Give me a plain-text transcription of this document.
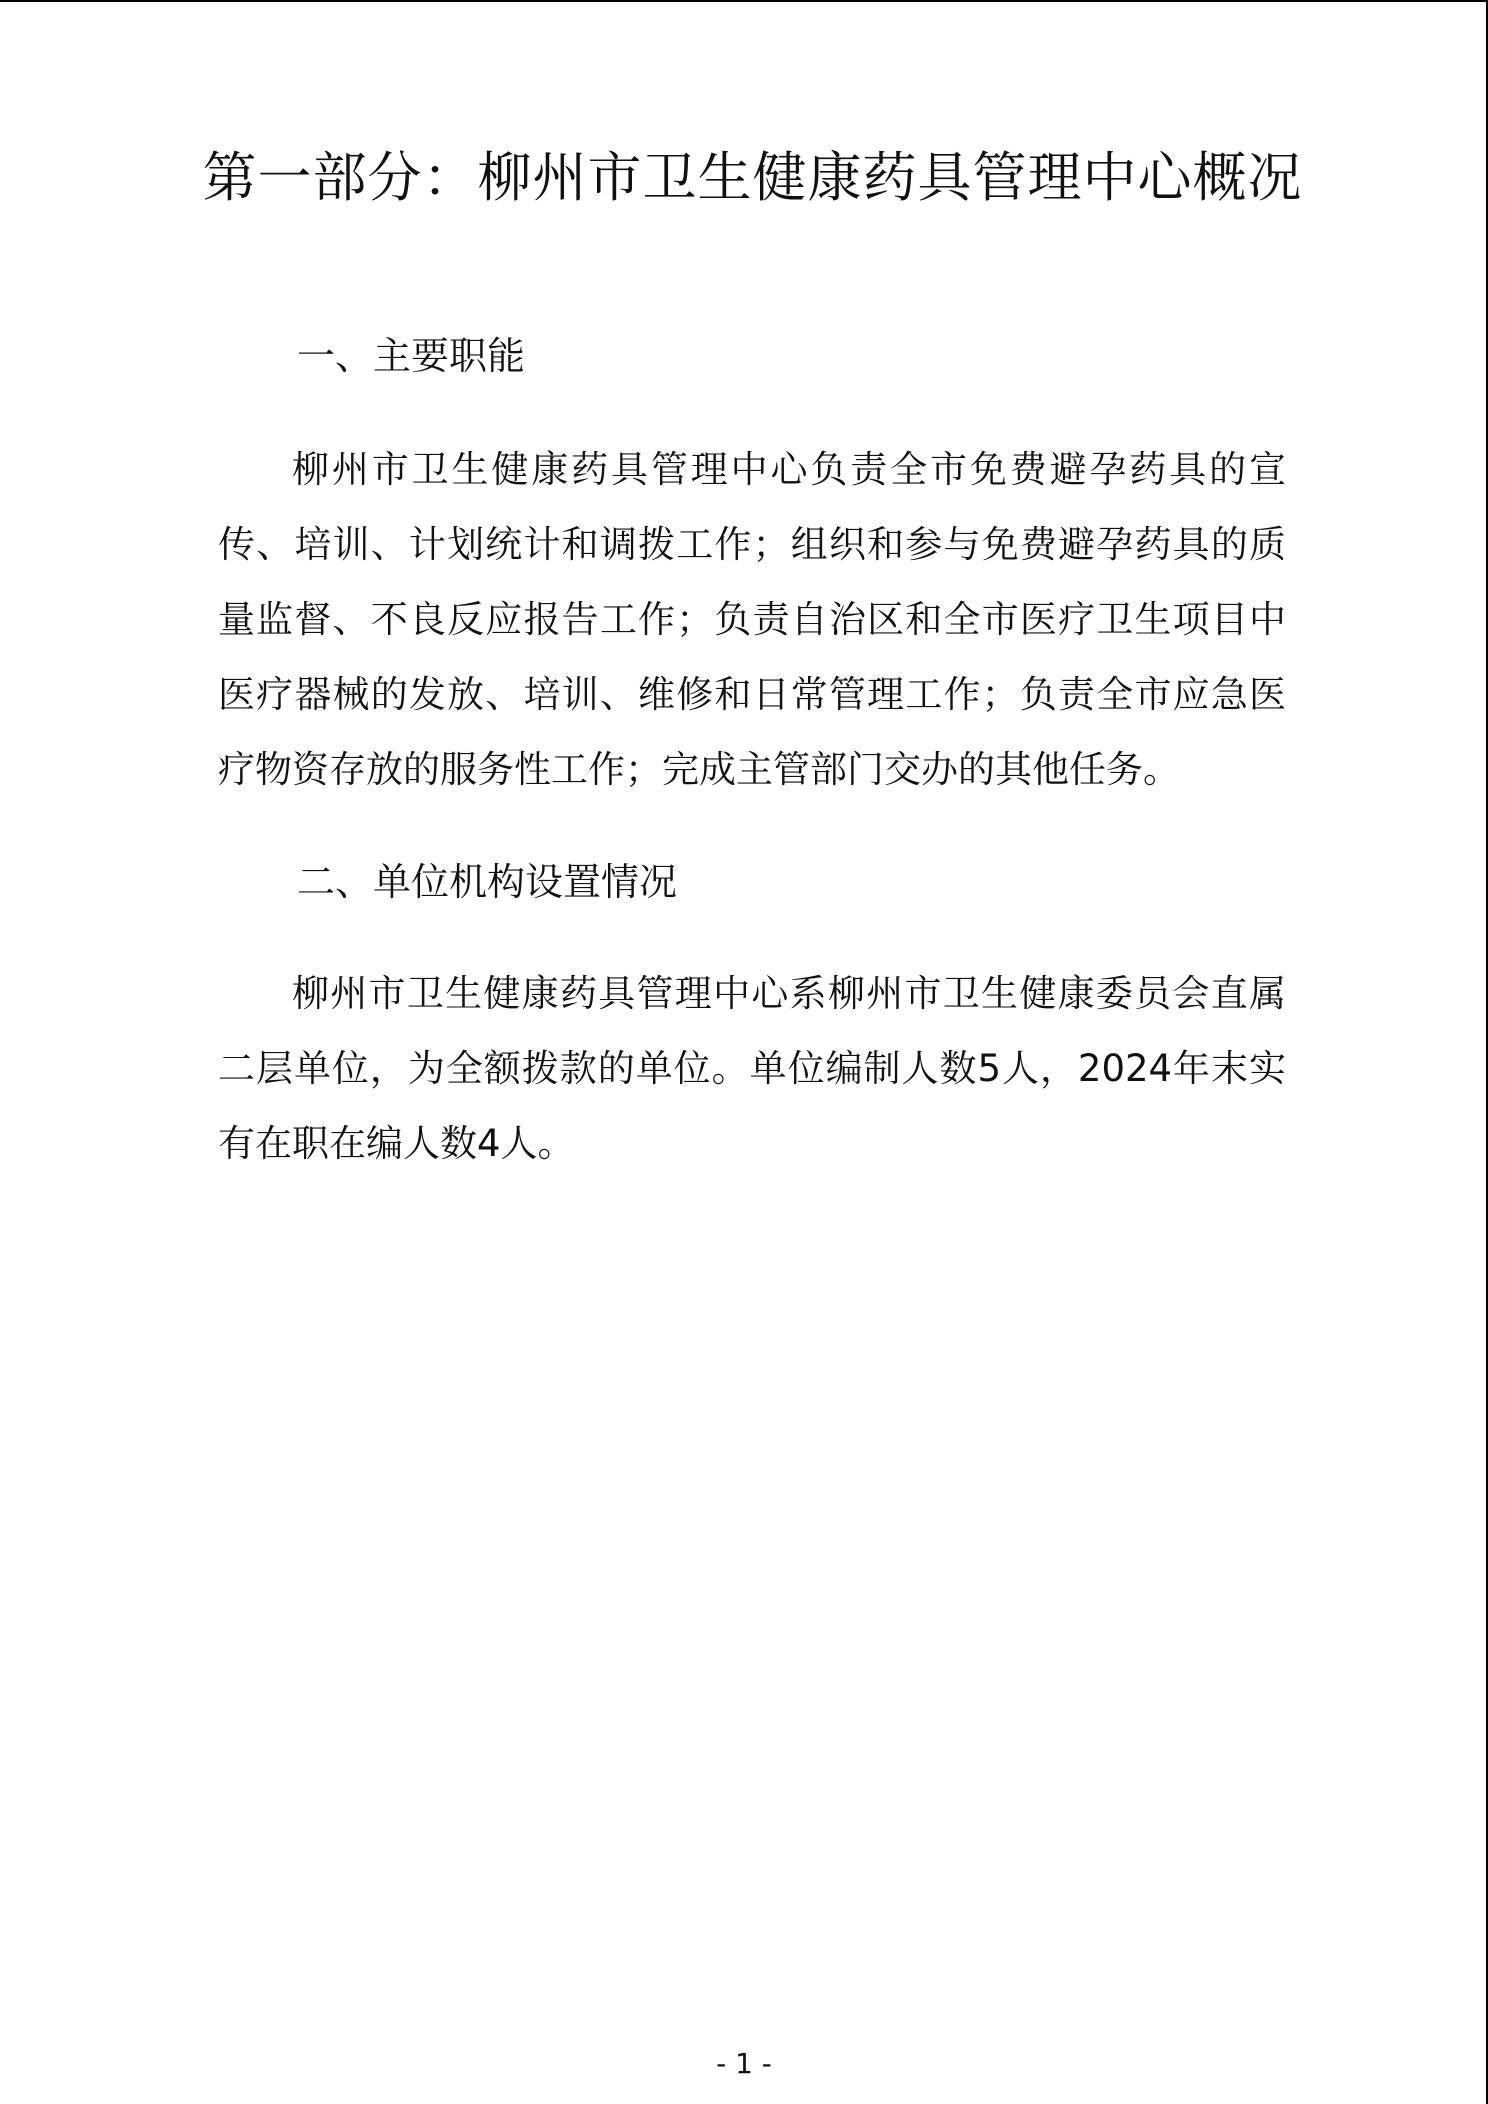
第一部分：柳州市卫生健康药具管理中心概况
一、主要职能

柳州市卫生健康药具管理中心负责全市免费避孕药具的宣传、培训、计划统计和调拨工作；组织和参与免费避孕药具的质量监督、不良反应报告工作；负责自治区和全市医疗卫生项目中医疗器械的发放、培训、维修和日常管理工作；负责全市应急医疗物资存放的服务性工作；完成主管部门交办的其他任务。

二、单位机构设置情况

柳州市卫生健康药具管理中心系柳州市卫生健康委员会直属二层单位，为全额拨款的单位。单位编制人数5人，2024年末实有在职在编人数4人。

- 1 -
